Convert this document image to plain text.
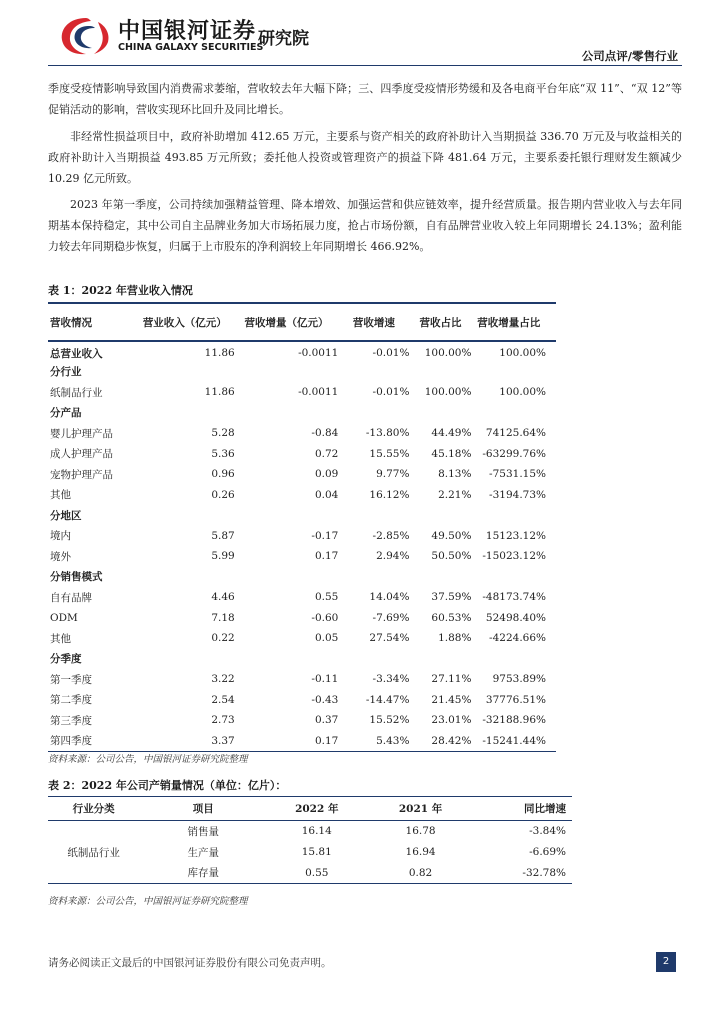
中国银河证券
CHINA GALAXY SECURITIES
研究院
公司点评/零售行业

季度受疫情影响导致国内消费需求萎缩，营收较去年大幅下降；三、四季度受疫情形势缓和及各电商平台年底“双 11”、“双 12”等促销活动的影响，营收实现环比回升及同比增长。

非经常性损益项目中，政府补助增加 412.65 万元，主要系与资产相关的政府补助计入当期损益 336.70 万元及与收益相关的政府补助计入当期损益 493.85 万元所致；委托他人投资或管理资产的损益下降 481.64 万元，主要系委托银行理财发生额减少 10.29 亿元所致。

2023 年第一季度，公司持续加强精益管理、降本增效、加强运营和供应链效率，提升经营质量。报告期内营业收入与去年同期基本保持稳定，其中公司自主品牌业务加大市场拓展力度，抢占市场份额，自有品牌营业收入较上年同期增长 24.13%；盈利能力较去年同期稳步恢复，归属于上市股东的净利润较上年同期增长 466.92%。

表 1：2022 年营业收入情况
营收情况	营业收入（亿元）	营收增量（亿元）	营收增速	营收占比	营收增量占比
总营业收入	11.86	-0.0011	-0.01%	100.00%	100.00%
分行业					
纸制品行业	11.86	-0.0011	-0.01%	100.00%	100.00%
分产品					
婴儿护理产品	5.28	-0.84	-13.80%	44.49%	74125.64%
成人护理产品	5.36	0.72	15.55%	45.18%	-63299.76%
宠物护理产品	0.96	0.09	9.77%	8.13%	-7531.15%
其他	0.26	0.04	16.12%	2.21%	-3194.73%
分地区					
境内	5.87	-0.17	-2.85%	49.50%	15123.12%
境外	5.99	0.17	2.94%	50.50%	-15023.12%
分销售模式					
自有品牌	4.46	0.55	14.04%	37.59%	-48173.74%
ODM	7.18	-0.60	-7.69%	60.53%	52498.40%
其他	0.22	0.05	27.54%	1.88%	-4224.66%
分季度					
第一季度	3.22	-0.11	-3.34%	27.11%	9753.89%
第二季度	2.54	-0.43	-14.47%	21.45%	37776.51%
第三季度	2.73	0.37	15.52%	23.01%	-32188.96%
第四季度	3.37	0.17	5.43%	28.42%	-15241.44%
资料来源：公司公告，中国银河证券研究院整理
表 2：2022 年公司产销量情况（单位：亿片）：
行业分类	项目	2022 年	2021 年	同比增速
纸制品行业	销售量	16.14	16.78	-3.84%
	生产量	15.81	16.94	-6.69%
	库存量	0.55	0.82	-32.78%
资料来源：公司公告，中国银河证券研究院整理
请务必阅读正文最后的中国银河证券股份有限公司免责声明。	2
